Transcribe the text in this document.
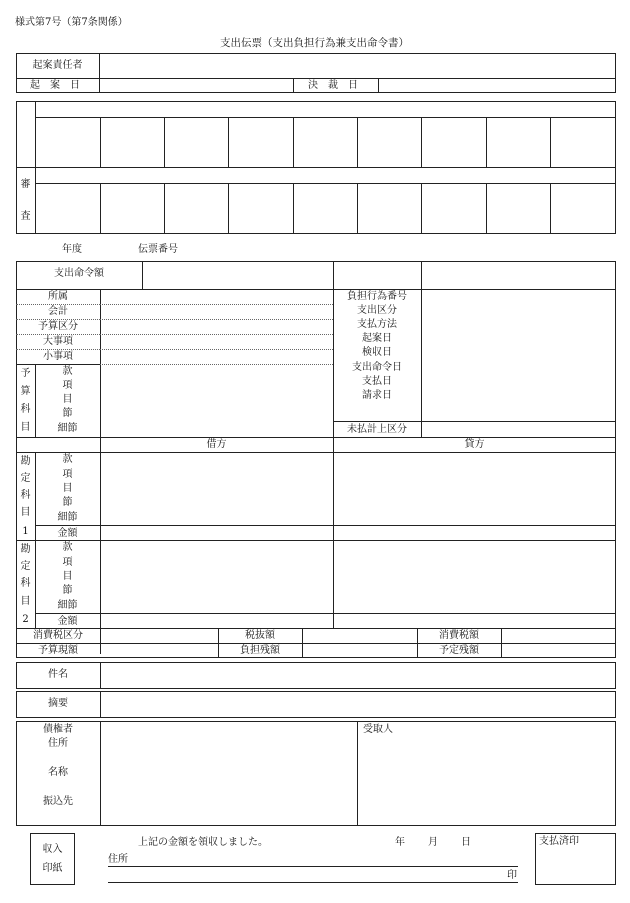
様式第7号（第7条関係）
支出伝票（支出負担行為兼支出命令書）
起案責任者
起案日	決裁日
審
査
年度	伝票番号
支出命令額
所属
会計
予算区分
大事項
小事項
予
算
科
目
款
項
目
節
細節
負担行為番号
支出区分
支払方法
起案日
検収日
支出命令日
支払日
請求日
未払計上区分
借方	貸方
勘
定
科
目
1
款
項
目
節
細節
金額
勘
定
科
目
2
款
項
目
節
細節
金額
消費税区分	税抜額	消費税額
予算現額	負担残額	予定残額
件名
摘要
債権者
住所
名称
振込先
受取人
収入
印紙
上記の金額を領収しました。	年 月 日
住所
印
支払済印
